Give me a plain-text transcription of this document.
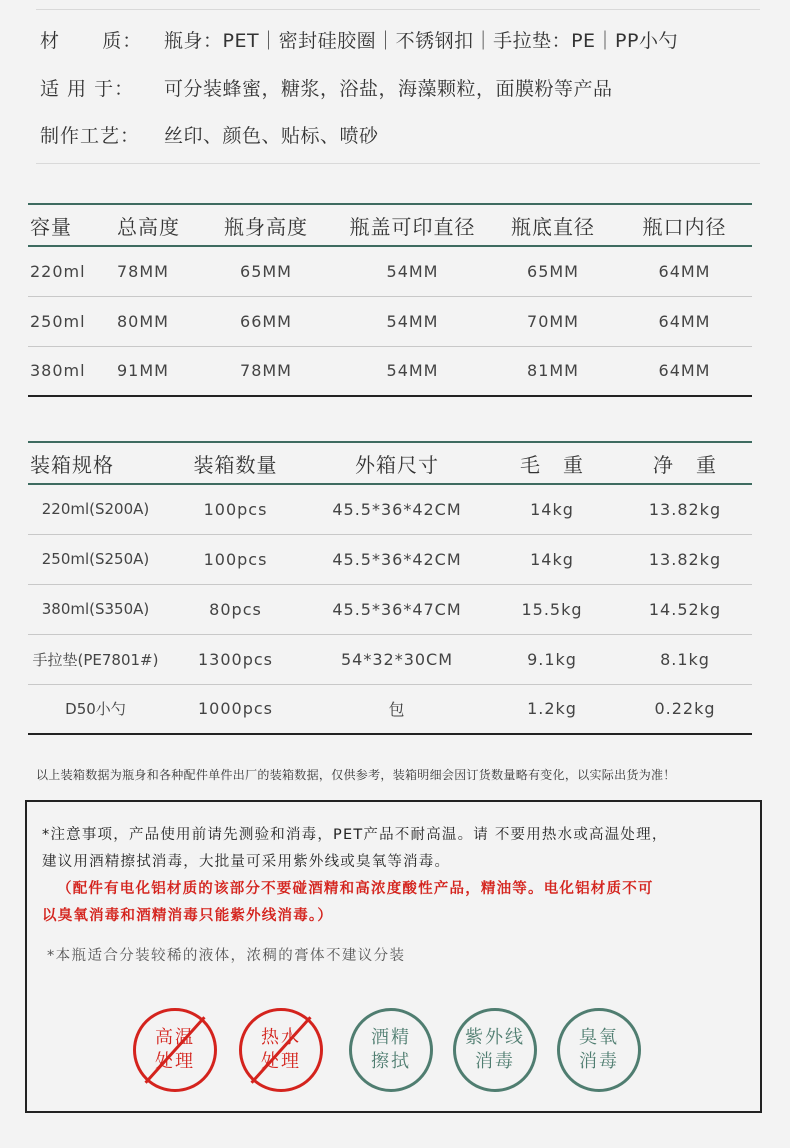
材      质：	瓶身：PET｜密封硅胶圈｜不锈钢扣｜手拉垫：PE｜PP小勺
适 用 于：	可分装蜂蜜，糖浆，浴盐，海藻颗粒，面膜粉等产品
制作工艺：	丝印、颜色、贴标、喷砂
容量	总高度	瓶身高度	瓶盖可印直径	瓶底直径	瓶口内径
220ml	78MM	65MM	54MM	65MM	64MM
250ml	80MM	66MM	54MM	70MM	64MM
380ml	91MM	78MM	54MM	81MM	64MM
装箱规格	装箱数量	外箱尺寸	毛   重	净   重
220ml(S200A)	100pcs	45.5*36*42CM	14kg	13.82kg
250ml(S250A)	100pcs	45.5*36*42CM	14kg	13.82kg
380ml(S350A)	80pcs	45.5*36*47CM	15.5kg	14.52kg
手拉垫(PE7801#)	1300pcs	54*32*30CM	9.1kg	8.1kg
D50小勺	1000pcs	包	1.2kg	0.22kg
以上装箱数据为瓶身和各种配件单件出厂的装箱数据，仅供参考，装箱明细会因订货数量略有变化，以实际出货为准！
*注意事项，产品使用前请先测验和消毒，PET产品不耐高温。请 不要用热水或高温处理，
建议用酒精擦拭消毒，大批量可采用紫外线或臭氧等消毒。
（配件有电化铝材质的该部分不要碰酒精和高浓度酸性产品，精油等。电化铝材质不可
以臭氧消毒和酒精消毒只能紫外线消毒。）
*本瓶适合分装较稀的液体，浓稠的膏体不建议分装
高温
处理
热水
处理
酒精
擦拭
紫外线
消毒
臭氧
消毒
